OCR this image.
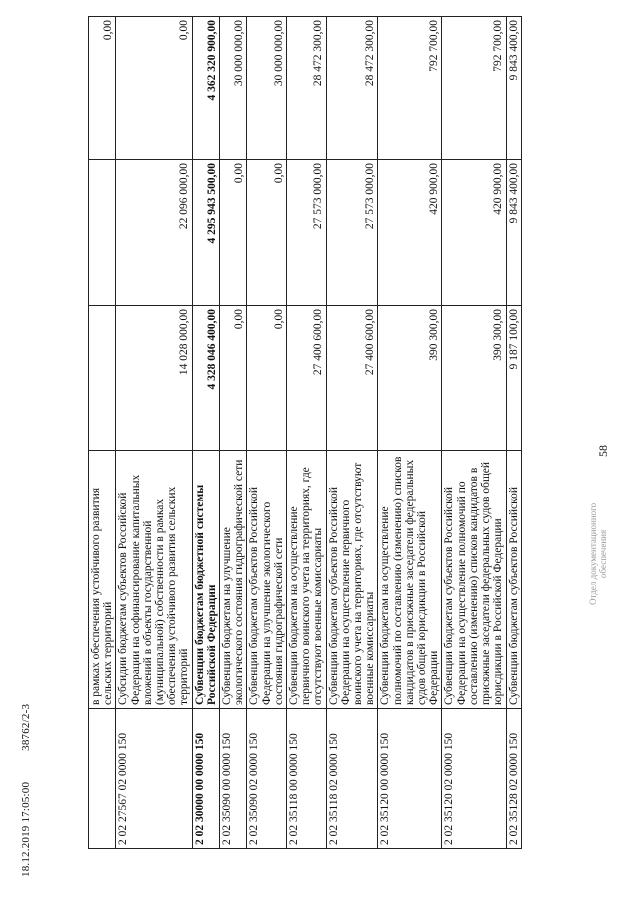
18.12.2019 17:05:00 38762/2-3
	в рамках обеспечения устойчивого развития сельских территорий			0,00
2 02 27567 02 0000 150	Субсидии бюджетам субъектов Российской Федерации на софинансирование капитальных вложений в объекты государственной (муниципальной) собственности в рамках обеспечения устойчивого развития сельских территорий	14 028 000,00	22 096 000,00	0,00
2 02 30000 00 0000 150	Субвенции бюджетам бюджетной системы Российской Федерации	4 328 046 400,00	4 295 943 500,00	4 362 320 900,00
2 02 35090 00 0000 150	Субвенции бюджетам на улучшение экологического состояния гидрографической сети	0,00	0,00	30 000 000,00
2 02 35090 02 0000 150	Субвенции бюджетам субъектов Российской Федерации на улучшение экологического состояния гидрографической сети	0,00	0,00	30 000 000,00
2 02 35118 00 0000 150	Субвенции бюджетам на осуществление первичного воинского учета на территориях, где отсутствуют военные комиссариаты	27 400 600,00	27 573 000,00	28 472 300,00
2 02 35118 02 0000 150	Субвенции бюджетам субъектов Российской Федерации на осуществление первичного воинского учета на территориях, где отсутствуют военные комиссариаты	27 400 600,00	27 573 000,00	28 472 300,00
2 02 35120 00 0000 150	Субвенции бюджетам на осуществление полномочий по составлению (изменению) списков кандидатов в присяжные заседатели федеральных судов общей юрисдикции в Российской Федерации	390 300,00	420 900,00	792 700,00
2 02 35120 02 0000 150	Субвенции бюджетам субъектов Российской Федерации на осуществление полномочий по составлению (изменению) списков кандидатов в присяжные заседатели федеральных судов общей юрисдикции в Российской Федерации	390 300,00	420 900,00	792 700,00
2 02 35128 02 0000 150	Субвенции бюджетам субъектов Российской	9 187 100,00	9 843 400,00	9 843 400,00
Отдел документационного обеспечения
58
